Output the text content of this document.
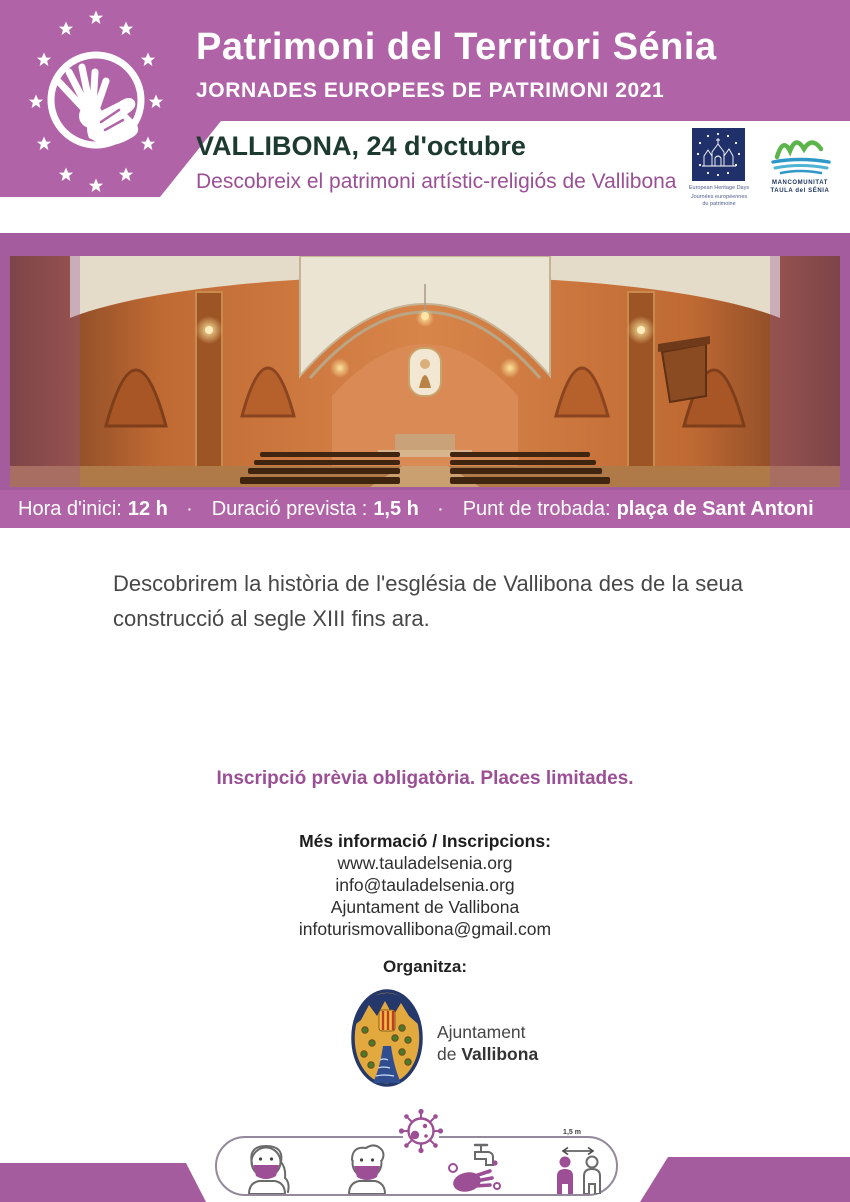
Patrimoni del Territori Sénia
JORNADES EUROPEES DE PATRIMONI 2021
VALLIBONA, 24 d'octubre
Descobreix el patrimoni artístic-religiós de Vallibona	European Heritage Days
Journées européennes
du patrimoine
MANCOMUNITAT
TAULA del SÉNIA
Hora d'inici: 12 h · Duració prevista : 1,5 h · Punt de trobada: plaça de Sant Antoni
Descobrirem la història de l'església de Vallibona des de la seua construcció al segle XIII fins ara.
Inscripció prèvia obligatòria. Places limitades.
Més informació / Inscripcions:
www.tauladelsenia.org
info@tauladelsenia.org
Ajuntament de Vallibona
infoturismovallibona@gmail.com
Organitza:
Ajuntament
de Vallibona
1,5 m
